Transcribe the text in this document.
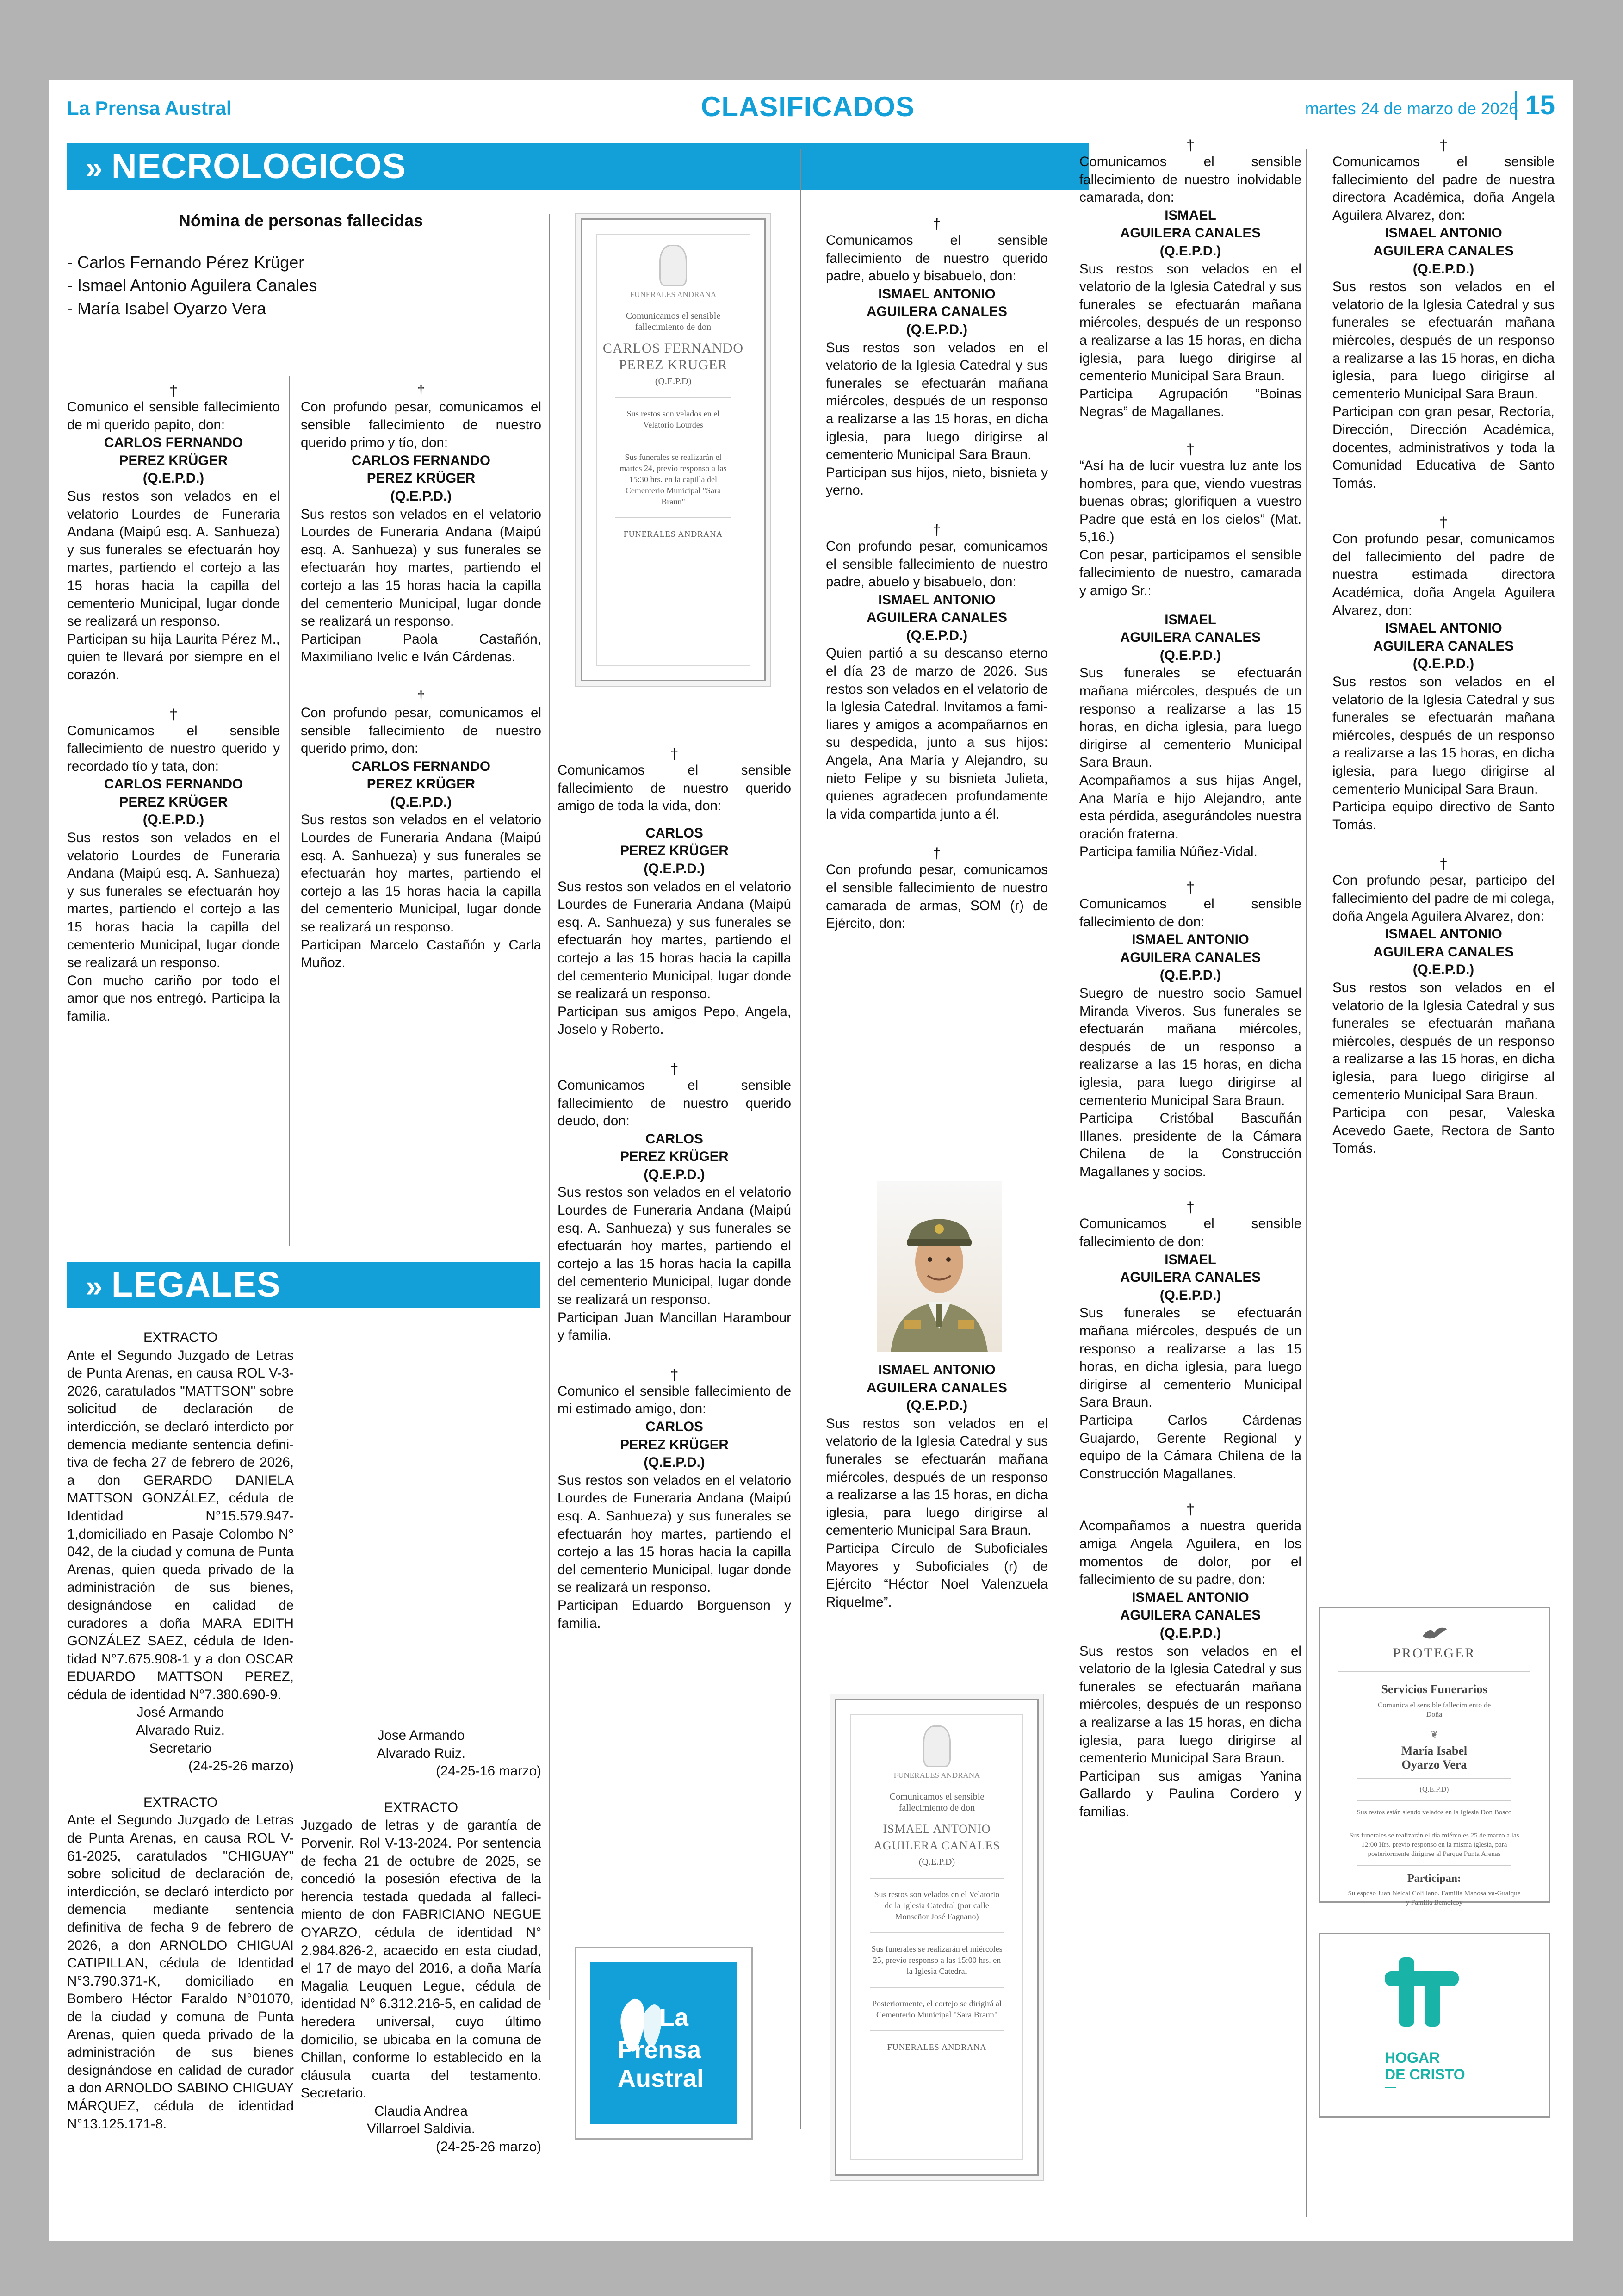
La Prensa Austral	CLASIFICADOS	martes 24 de marzo de 2026 15
» NECROLOGICOS
Nómina de personas fallecidas
- Carlos Fernando Pérez Krüger
- Ismael Antonio Aguilera Canales
- María Isabel Oyarzo Vera

†

Comunico el sensible fallecimiento de mi querido papito, don:

CARLOS FERNANDO

PEREZ KRÜGER

(Q.E.P.D.)

Sus restos son velados en el velatorio Lourdes de Funeraria Andana (Maipú esq. A. Sanhueza) y sus funerales se efectuarán hoy martes, partiendo el cortejo a las 15 horas hacia la capilla del cementerio Municipal, lugar donde se realizará un responso.

Participan su hija Laurita Pérez M., quien te llevará por siempre en el corazón.

†

Comunicamos el sensible fallecimiento de nuestro querido y recordado tío y tata, don:

CARLOS FERNANDO

PEREZ KRÜGER

(Q.E.P.D.)

Sus restos son velados en el velatorio Lourdes de Funeraria Andana (Maipú esq. A. Sanhueza) y sus funerales se efectuarán hoy martes, partiendo el cortejo a las 15 horas hacia la capilla del cementerio Municipal, lugar donde se realizará un responso.

Con mucho cariño por todo el amor que nos entregó. Participa la familia.

†

Con profundo pesar, comunicamos el sensible fallecimiento de nuestro querido primo y tío, don:

CARLOS FERNANDO

PEREZ KRÜGER

(Q.E.P.D.)

Sus restos son velados en el velatorio Lourdes de Funeraria Andana (Maipú esq. A. Sanhueza) y sus funerales se efectuarán hoy martes, partiendo el cortejo a las 15 horas hacia la capilla del cementerio Municipal, lugar donde se realizará un responso.

Participan Paola Castañón, Maximiliano Ivelic e Iván Cárdenas.

†

Con profundo pesar, comunicamos el sensible fallecimiento de nuestro querido primo, don:

CARLOS FERNANDO

PEREZ KRÜGER

(Q.E.P.D.)

Sus restos son velados en el velatorio Lourdes de Funeraria Andana (Maipú esq. A. Sanhueza) y sus funerales se efectuarán hoy martes, partiendo el cortejo a las 15 horas hacia la capilla del cementerio Municipal, lugar donde se realizará un responso.

Participan Marcelo Castañón y Carla Muñoz.

» LEGALES

EXTRACTO

Ante el Segundo Juzgado de Letras de Punta Arenas, en causa ROL V-3-2026, caratulados "MATTSON" sobre solicitud de declaración de interdicción, se declaró interdicto por demencia mediante sentencia definitiva de fecha 27 de febrero de 2026, a don GERARDO DANIELA MATTSON GONZÁLEZ, cédula de Identidad N°15.579.947- 1,domiciliado en Pasaje Colombo N° 042, de la ciudad y comuna de Punta Arenas, quien queda privado de la administración de sus bienes, designándose en calidad de curadores a doña MARA EDITH GONZÁLEZ SAEZ, cédula de Identidad N°7.675.908-1 y a don OSCAR EDUARDO MATTSON PEREZ, cédula de identidad N°7.380.690-9.

José Armando

Alvarado Ruiz.

Secretario

(24-25-26 marzo)

EXTRACTO

Ante el Segundo Juzgado de Letras de Punta Arenas, en causa ROL V-61-2025, caratulados "CHIGUAY" sobre solicitud de declaración de, interdicción, se declaró interdicto por demencia mediante sentencia definitiva de fecha 9 de febrero de 2026, a don ARNOLDO CHIGUAI CATIPILLAN, cédula de Identidad N°3.790.371-K, domiciliado en Bombero Héctor Faraldo N°01070, de la ciudad y comuna de Punta Arenas, quien queda privado de la administración de sus bienes designándose en calidad de curador a don ARNOLDO SABINO CHIGUAY MÁRQUEZ, cédula de identidad N°13.125.171-8.

Jose Armando

Alvarado Ruiz.

(24-25-16 marzo)

EXTRACTO

Juzgado de letras y de garantía de Porvenir, Rol V-13-2024. Por sentencia de fecha 21 de octubre de 2025, se concedió la posesión efectiva de la herencia testada quedada al fallecimiento de don FABRICIANO NEGUE OYARZO, cédula de identidad N° 2.984.826-2, acaecido en esta ciudad, el 17 de mayo del 2016, a doña María Magalia Leuquen Legue, cédula de identidad N° 6.312.216-5, en calidad de heredera universal, cuyo último domicilio, se ubicaba en la comuna de Chillan, conforme lo establecido en la cláusula cuarta del testamento. Secretario.

Claudia Andrea

Villarroel Saldivia.

(24-25-26 marzo)

FUNERALES ANDRANA
Comunicamos el sensible fallecimiento de don
CARLOS FERNANDO
PEREZ KRUGER
(Q.E.P.D)
Sus restos son velados en el Velatorio Lourdes
Sus funerales se realizarán el martes 24, previo responso a las 15:30 hrs. en la capilla del Cementerio Municipal "Sara Braun"
FUNERALES ANDRANA

†

Comunicamos el sensible fallecimiento de nuestro querido amigo de toda la vida, don:

CARLOS

PEREZ KRÜGER

(Q.E.P.D.)

Sus restos son velados en el velatorio Lourdes de Funeraria Andana (Maipú esq. A. Sanhueza) y sus funerales se efectuarán hoy martes, partiendo el cortejo a las 15 horas hacia la capilla del cementerio Municipal, lugar donde se realizará un responso.

Participan sus amigos Pepo, Angela, Joselo y Roberto.

†

Comunicamos el sensible fallecimiento de nuestro querido deudo, don:

CARLOS

PEREZ KRÜGER

(Q.E.P.D.)

Sus restos son velados en el velatorio Lourdes de Funeraria Andana (Maipú esq. A. Sanhueza) y sus funerales se efectuarán hoy martes, partiendo el cortejo a las 15 horas hacia la capilla del cementerio Municipal, lugar donde se realizará un responso.

Participan Juan Mancillan Harambour y familia.

†

Comunico el sensible fallecimiento de mi estimado amigo, don:

CARLOS

PEREZ KRÜGER

(Q.E.P.D.)

Sus restos son velados en el velatorio Lourdes de Funeraria Andana (Maipú esq. A. Sanhueza) y sus funerales se efectuarán hoy martes, partiendo el cortejo a las 15 horas hacia la capilla del cementerio Municipal, lugar donde se realizará un responso.

Participan Eduardo Borguenson y familia.

La
Prensa
Austral

†

Comunicamos el sensible fallecimiento de nuestro querido padre, abuelo y bisabuelo, don:

ISMAEL ANTONIO

AGUILERA CANALES

(Q.E.P.D.)

Sus restos son velados en el velatorio de la Iglesia Catedral y sus funerales se efectuarán mañana miércoles, después de un responso a realizarse a las 15 horas, en dicha iglesia, para luego dirigirse al cementerio Municipal Sara Braun.

Participan sus hijos, nieto, bisnieta y yerno.

†

Con profundo pesar, comunicamos el sensible fallecimiento de nuestro padre, abuelo y bisabuelo, don:

ISMAEL ANTONIO

AGUILERA CANALES

(Q.E.P.D.)

Quien partió a su descanso eterno el día 23 de marzo de 2026. Sus restos son velados en el velatorio de la Iglesia Catedral. Invitamos a familiares y amigos a acompañarnos en su despedida, junto a sus hijos: Angela, Ana María y Alejandro, su nieto Felipe y su bisnieta Julieta, quienes agradecen profundamente la vida compartida junto a él.

†

Con profundo pesar, comunicamos el sensible fallecimiento de nuestro camarada de armas, SOM (r) de Ejército, don:

ISMAEL ANTONIO

AGUILERA CANALES

(Q.E.P.D.)

Sus restos son velados en el velatorio de la Iglesia Catedral y sus funerales se efectuarán mañana miércoles, después de un responso a realizarse a las 15 horas, en dicha iglesia, para luego dirigirse al cementerio Municipal Sara Braun.

Participa Círculo de Suboficiales Mayores y Suboficiales (r) de Ejército “Héctor Noel Valenzuela Riquelme”.

FUNERALES ANDRANA
Comunicamos el sensible fallecimiento de don
ISMAEL ANTONIO
AGUILERA CANALES
(Q.E.P.D)
Sus restos son velados en el Velatorio de la Iglesia Catedral (por calle Monseñor José Fagnano)
Sus funerales se realizarán el miércoles 25, previo responso a las 15:00 hrs. en la Iglesia Catedral
Posteriormente, el cortejo se dirigirá al Cementerio Municipal "Sara Braun"
FUNERALES ANDRANA

†

Comunicamos el sensible fallecimiento de nuestro inolvidable camarada, don:

ISMAEL

AGUILERA CANALES

(Q.E.P.D.)

Sus restos son velados en el velatorio de la Iglesia Catedral y sus funerales se efectuarán mañana miércoles, después de un responso a realizarse a las 15 horas, en dicha iglesia, para luego dirigirse al cementerio Municipal Sara Braun.

Participa Agrupación “Boinas Negras” de Magallanes.

†

“Así ha de lucir vuestra luz ante los hombres, para que, viendo vuestras buenas obras; glorifiquen a vuestro Padre que está en los cielos” (Mat. 5,16.)

Con pesar, participamos el sensible fallecimiento de nuestro, camarada y amigo Sr.:

ISMAEL

AGUILERA CANALES

(Q.E.P.D.)

Sus funerales se efectuarán mañana miércoles, después de un responso a realizarse a las 15 horas, en dicha iglesia, para luego dirigirse al cementerio Municipal Sara Braun.

Acompañamos a sus hijas Angel, Ana María e hijo Alejandro, ante esta pérdida, asegurándoles nuestra oración fraterna.

Participa familia Núñez-Vidal.

†

Comunicamos el sensible fallecimiento de don:

ISMAEL ANTONIO

AGUILERA CANALES

(Q.E.P.D.)

Suegro de nuestro socio Samuel Miranda Viveros. Sus funerales se efectuarán mañana miércoles, después de un responso a realizarse a las 15 horas, en dicha iglesia, para luego dirigirse al cementerio Municipal Sara Braun.

Participa Cristóbal Bascuñán Illanes, presidente de la Cámara Chilena de la Construcción Magallanes y socios.

†

Comunicamos el sensible fallecimiento de don:

ISMAEL

AGUILERA CANALES

(Q.E.P.D.)

Sus funerales se efectuarán mañana miércoles, después de un responso a realizarse a las 15 horas, en dicha iglesia, para luego dirigirse al cementerio Municipal Sara Braun.

Participa Carlos Cárdenas Guajardo, Gerente Regional y equipo de la Cámara Chilena de la Construcción Magallanes.

†

Acompañamos a nuestra querida amiga Angela Aguilera, en los momentos de dolor, por el fallecimiento de su padre, don:

ISMAEL ANTONIO

AGUILERA CANALES

(Q.E.P.D.)

Sus restos son velados en el velatorio de la Iglesia Catedral y sus funerales se efectuarán mañana miércoles, después de un responso a realizarse a las 15 horas, en dicha iglesia, para luego dirigirse al cementerio Municipal Sara Braun.

Participan sus amigas Yanina Gallardo y Paulina Cordero y familias.

†

Comunicamos el sensible fallecimiento del padre de nuestra directora Académica, doña Angela Aguilera Alvarez, don:

ISMAEL ANTONIO

AGUILERA CANALES

(Q.E.P.D.)

Sus restos son velados en el velatorio de la Iglesia Catedral y sus funerales se efectuarán mañana miércoles, después de un responso a realizarse a las 15 horas, en dicha iglesia, para luego dirigirse al cementerio Municipal Sara Braun.

Participan con gran pesar, Rectoría, Dirección, Dirección Académica, docentes, administrativos y toda la Comunidad Educativa de Santo Tomás.

†

Con profundo pesar, comunicamos del fallecimiento del padre de nuestra estimada directora Académica, doña Angela Aguilera Alvarez, don:

ISMAEL ANTONIO

AGUILERA CANALES

(Q.E.P.D.)

Sus restos son velados en el velatorio de la Iglesia Catedral y sus funerales se efectuarán mañana miércoles, después de un responso a realizarse a las 15 horas, en dicha iglesia, para luego dirigirse al cementerio Municipal Sara Braun.

Participa equipo directivo de Santo Tomás.

†

Con profundo pesar, participo del fallecimiento del padre de mi colega, doña Angela Aguilera Alvarez, don:

ISMAEL ANTONIO

AGUILERA CANALES

(Q.E.P.D.)

Sus restos son velados en el velatorio de la Iglesia Catedral y sus funerales se efectuarán mañana miércoles, después de un responso a realizarse a las 15 horas, en dicha iglesia, para luego dirigirse al cementerio Municipal Sara Braun.

Participa con pesar, Valeska Acevedo Gaete, Rectora de Santo Tomás.

PROTEGER
Servicios Funerarios
Comunica el sensible fallecimiento de Doña
❦
María Isabel
Oyarzo Vera
(Q.E.P.D)
Sus restos están siendo velados en la Iglesia Don Bosco
Sus funerales se realizarán el día miércoles 25 de marzo a las 12:00 Hrs. previo responso en la misma iglesia, para posteriormente dirigirse al Parque Punta Arenas
Participan:
Su esposo Juan Nelcal Colillano. Familia Manosalva-Gualque y Familia Bemoicoy
HOGAR
DE CRISTO
